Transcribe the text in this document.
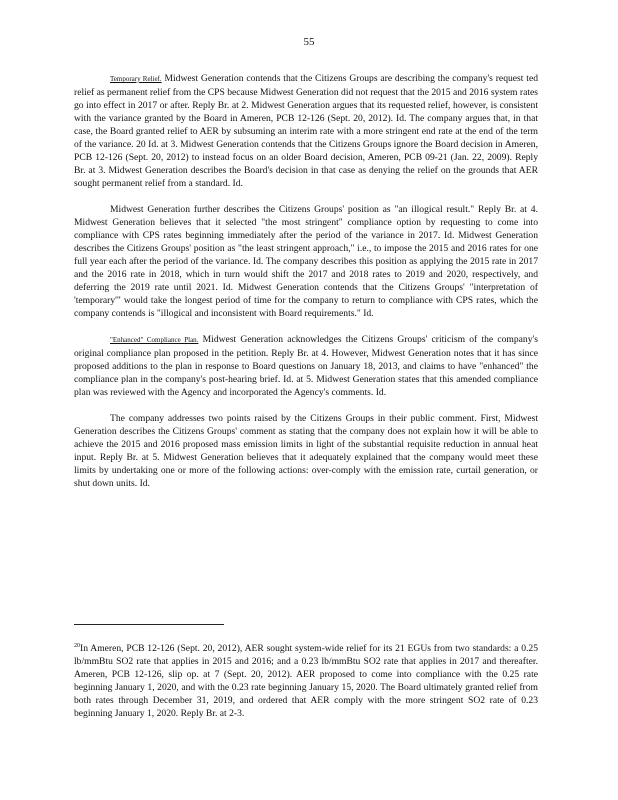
55

Temporary Relief. Midwest Generation contends that the Citizens Groups are describing the company's request ted relief as permanent relief from the CPS because Midwest Generation did not request that the 2015 and 2016 system rates go into effect in 2017 or after. Reply Br. at 2. Midwest Generation argues that its requested relief, however, is consistent with the variance granted by the Board in Ameren, PCB 12-126 (Sept. 20, 2012). Id. The company argues that, in that case, the Board granted relief to AER by subsuming an interim rate with a more stringent end rate at the end of the term of the variance. 20 Id. at 3. Midwest Generation contends that the Citizens Groups ignore the Board decision in Ameren, PCB 12-126 (Sept. 20, 2012) to instead focus on an older Board decision, Ameren, PCB 09-21 (Jan. 22, 2009). Reply Br. at 3. Midwest Generation describes the Board's decision in that case as denying the relief on the grounds that AER sought permanent relief from a standard. Id.

Midwest Generation further describes the Citizens Groups' position as "an illogical result." Reply Br. at 4. Midwest Generation believes that it selected "the most stringent" compliance option by requesting to come into compliance with CPS rates beginning immediately after the period of the variance in 2017. Id. Midwest Generation describes the Citizens Groups' position as "the least stringent approach," i.e., to impose the 2015 and 2016 rates for one full year each after the period of the variance. Id. The company describes this position as applying the 2015 rate in 2017 and the 2016 rate in 2018, which in turn would shift the 2017 and 2018 rates to 2019 and 2020, respectively, and deferring the 2019 rate until 2021. Id. Midwest Generation contends that the Citizens Groups' "interpretation of 'temporary'" would take the longest period of time for the company to return to compliance with CPS rates, which the company contends is "illogical and inconsistent with Board requirements." Id.

"Enhanced" Compliance Plan. Midwest Generation acknowledges the Citizens Groups' criticism of the company's original compliance plan proposed in the petition. Reply Br. at 4. However, Midwest Generation notes that it has since proposed additions to the plan in response to Board questions on January 18, 2013, and claims to have "enhanced" the compliance plan in the company's post-hearing brief. Id. at 5. Midwest Generation states that this amended compliance plan was reviewed with the Agency and incorporated the Agency's comments. Id.

The company addresses two points raised by the Citizens Groups in their public comment. First, Midwest Generation describes the Citizens Groups' comment as stating that the company does not explain how it will be able to achieve the 2015 and 2016 proposed mass emission limits in light of the substantial requisite reduction in annual heat input. Reply Br. at 5. Midwest Generation believes that it adequately explained that the company would meet these limits by undertaking one or more of the following actions: over-comply with the emission rate, curtail generation, or shut down units. Id.

$^{20}$In Ameren, PCB 12-126 (Sept. 20, 2012), AER sought system-wide relief for its 21 EGUs from two standards: a 0.25 lb/mmBtu SO2 rate that applies in 2015 and 2016; and a 0.23 lb/mmBtu SO2 rate that applies in 2017 and thereafter. Ameren, PCB 12-126, slip op. at 7 (Sept. 20, 2012). AER proposed to come into compliance with the 0.25 rate beginning January 1, 2020, and with the 0.23 rate beginning January 15, 2020. The Board ultimately granted relief from both rates through December 31, 2019, and ordered that AER comply with the more stringent SO2 rate of 0.23 beginning January 1, 2020. Reply Br. at 2-3.
